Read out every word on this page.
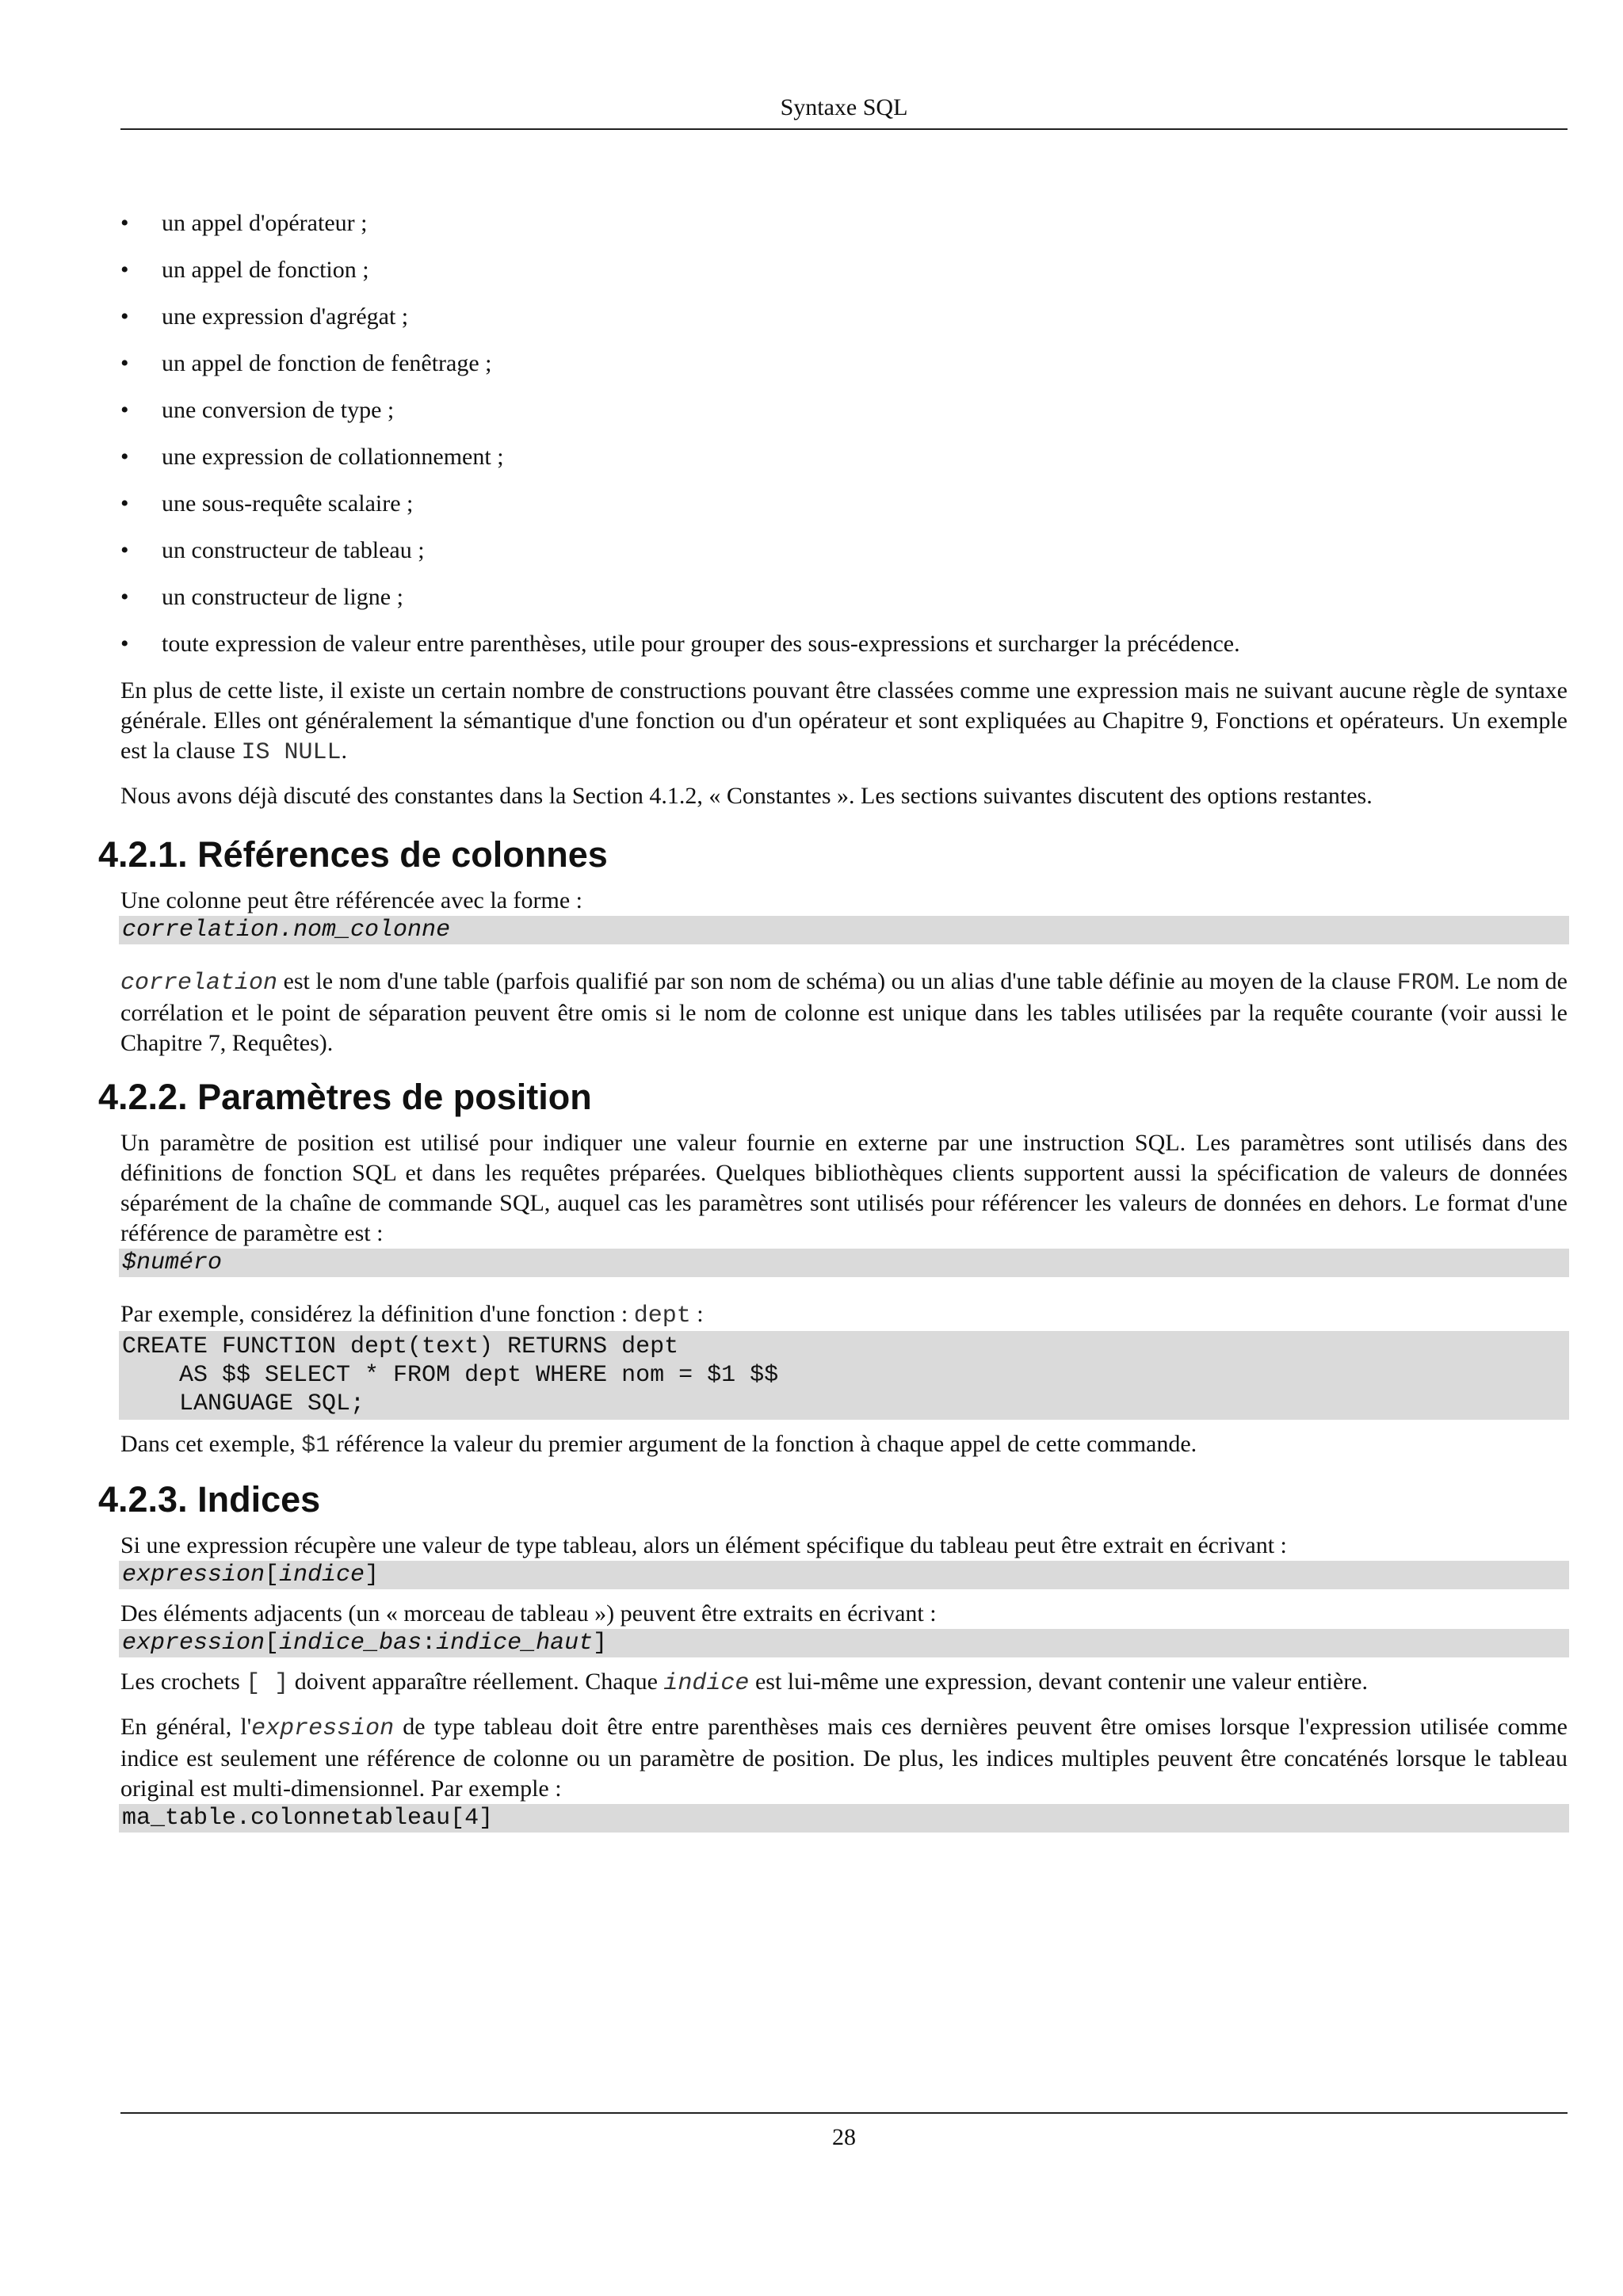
Syntaxe SQL
• un appel d'opérateur ;
• un appel de fonction ;
• une expression d'agrégat ;
• un appel de fonction de fenêtrage ;
• une conversion de type ;
• une expression de collationnement ;
• une sous-requête scalaire ;
• un constructeur de tableau ;
• un constructeur de ligne ;
• toute expression de valeur entre parenthèses, utile pour grouper des sous-expressions et surcharger la précédence.

En plus de cette liste, il existe un certain nombre de constructions pouvant être classées comme une expression mais ne suivant aucune règle de syntaxe générale. Elles ont généralement la sémantique d'une fonction ou d'un opérateur et sont expliquées au Chapitre 9, Fonctions et opérateurs. Un exemple est la clause IS NULL.

Nous avons déjà discuté des constantes dans la Section 4.1.2, « Constantes ». Les sections suivantes discutent des options restantes.

4.2.1. Références de colonnes

Une colonne peut être référencée avec la forme :

correlation.nom_colonne

correlation est le nom d'une table (parfois qualifié par son nom de schéma) ou un alias d'une table définie au moyen de la clause FROM. Le nom de corrélation et le point de séparation peuvent être omis si le nom de colonne est unique dans les tables utilisées par la requête courante (voir aussi le Chapitre 7, Requêtes).

4.2.2. Paramètres de position

Un paramètre de position est utilisé pour indiquer une valeur fournie en externe par une instruction SQL. Les paramètres sont utilisés dans des définitions de fonction SQL et dans les requêtes préparées. Quelques bibliothèques clients supportent aussi la spécification de valeurs de données séparément de la chaîne de commande SQL, auquel cas les paramètres sont utilisés pour référencer les valeurs de données en dehors. Le format d'une référence de paramètre est :

$numéro

Par exemple, considérez la définition d'une fonction : dept :

CREATE FUNCTION dept(text) RETURNS dept
AS $$ SELECT * FROM dept WHERE nom = $1 $$
LANGUAGE SQL;

Dans cet exemple, $1 référence la valeur du premier argument de la fonction à chaque appel de cette commande.

4.2.3. Indices

Si une expression récupère une valeur de type tableau, alors un élément spécifique du tableau peut être extrait en écrivant :

expression[indice]

Des éléments adjacents (un « morceau de tableau ») peuvent être extraits en écrivant :

expression[indice_bas:indice_haut]

Les crochets [ ] doivent apparaître réellement. Chaque indice est lui-même une expression, devant contenir une valeur entière.

En général, l'expression de type tableau doit être entre parenthèses mais ces dernières peuvent être omises lorsque l'expression utilisée comme indice est seulement une référence de colonne ou un paramètre de position. De plus, les indices multiples peuvent être concaténés lorsque le tableau original est multi-dimensionnel. Par exemple :

ma_table.colonnetableau[4]
28
